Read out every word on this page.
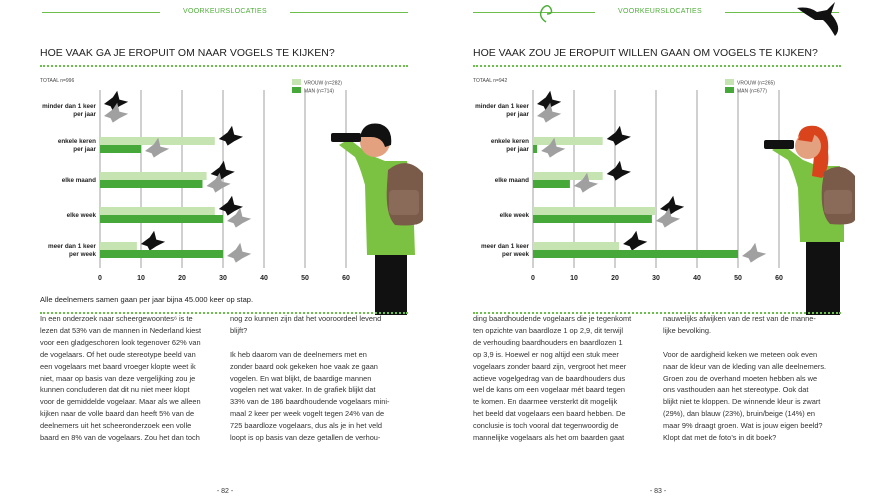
VOORKEURSLOCATIES
HOE VAAK GA JE EROPUIT OM NAAR VOGELS TE KIJKEN?
TOTAAL n=996	VROUW (n=282)
MAN (n=714)
0	10	20	30	40	50	60
minder dan 1 keer
per jaar
enkele keren
per jaar
elke maand
elke week
meer dan 1 keer
per week
Alle deelnemers samen gaan per jaar bijna 45.000 keer op stap.
In een onderzoek naar scheergewoontes⁶ is te
lezen dat 53% van de mannen in Nederland kiest
voor een gladgeschoren look tegenover 62% van
de vogelaars. Of het oude stereotype beeld van
een vogelaars met baard vroeger klopte weet ik
niet, maar op basis van deze vergelijking zou je
kunnen concluderen dat dit nu niet meer klopt
voor de gemiddelde vogelaar. Maar als we alleen
kijken naar de volle baard dan heeft 5% van de
deelnemers uit het scheeronderzoek een volle
baard en 8% van de vogelaars. Zou het dan toch
nog zo kunnen zijn dat het vooroordeel levend
blijft?

Ik heb daarom van de deelnemers met en
zonder baard ook gekeken hoe vaak ze gaan
vogelen. En wat blijkt, de baardige mannen
vogelen net wat vaker. In de grafiek blijkt dat
33% van de 186 baardhoudende vogelaars mini-
maal 2 keer per week vogelt tegen 24% van de
725 baardloze vogelaars, dus als je in het veld
loopt is op basis van deze getallen de verhou-
- 82 -
VOORKEURSLOCATIES
HOE VAAK ZOU JE EROPUIT WILLEN GAAN OM VOGELS TE KIJKEN?
TOTAAL n=942	VROUW (n=265)
MAN (n=677)
0	10	20	30	40	50	60
minder dan 1 keer
per jaar
enkele keren
per jaar
elke maand
elke week
meer dan 1 keer
per week
ding baardhoudende vogelaars die je tegenkomt
ten opzichte van baardloze 1 op 2,9, dit terwijl
de verhouding baardhouders en baardlozen 1
op 3,9 is. Hoewel er nog altijd een stuk meer
vogelaars zonder baard zijn, vergroot het meer
actieve vogelgedrag van de baardhouders dus
wel de kans om een vogelaar mét baard tegen
te komen. En daarmee versterkt dit mogelijk
het beeld dat vogelaars een baard hebben. De
conclusie is toch vooral dat tegenwoordig de
mannelijke vogelaars als het om baarden gaat
nauwelijks afwijken van de rest van de manne-
lijke bevolking.

Voor de aardigheid keken we meteen ook even
naar de kleur van de kleding van alle deelnemers.
Groen zou de overhand moeten hebben als we
ons vasthouden aan het stereotype. Ook dat
blijkt niet te kloppen. De winnende kleur is zwart
(29%), dan blauw (23%), bruin/beige (14%) en
maar 9% draagt groen. Wat is jouw eigen beeld?
Klopt dat met de foto’s in dit boek?
- 83 -
